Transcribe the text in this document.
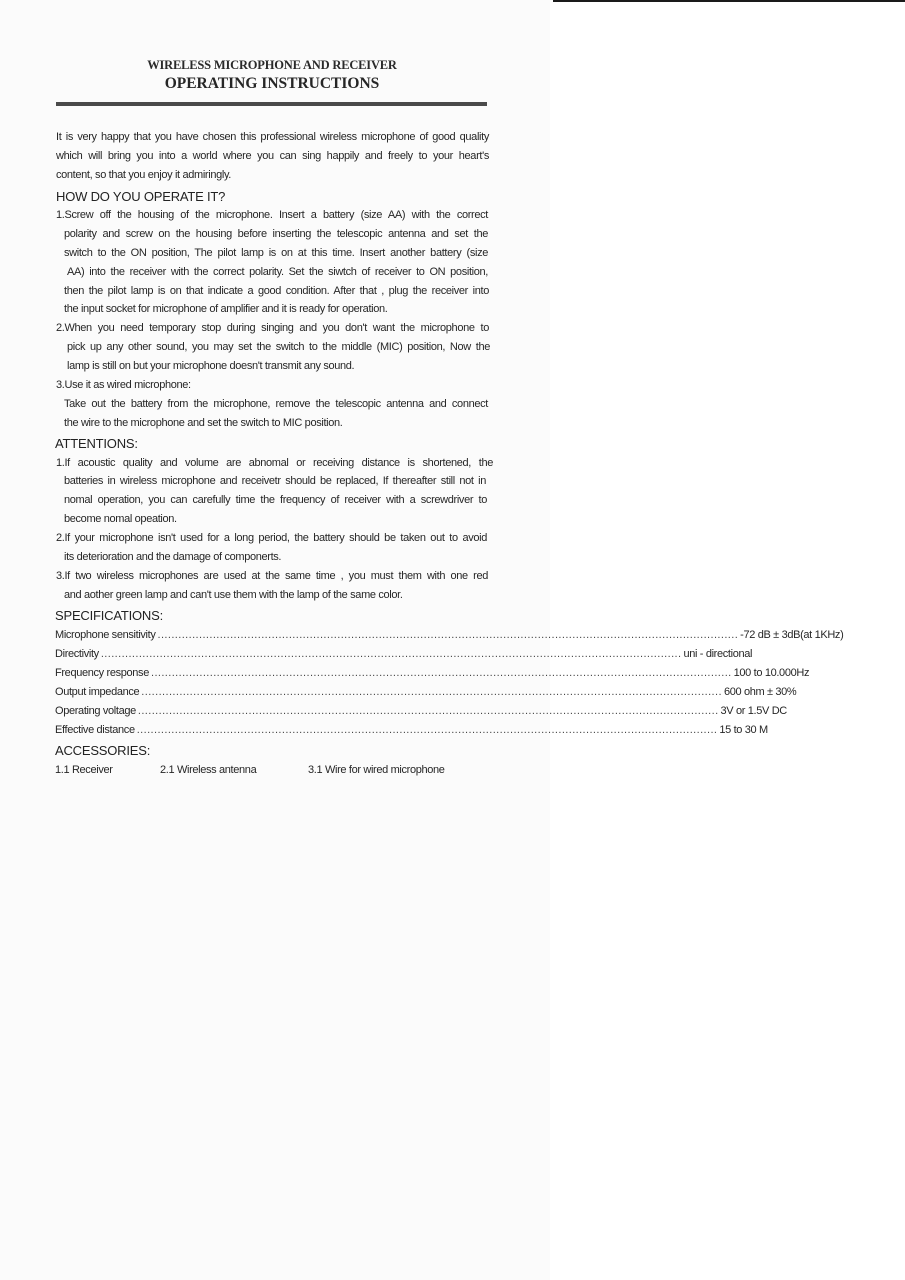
WIRELESS MICROPHONE AND RECEIVER
OPERATING INSTRUCTIONS
It is very happy that you have chosen this professional wireless microphone of good quality
which will bring you into a world where you can sing happily and freely to your heart's
content, so that you enjoy it admiringly.
HOW DO YOU OPERATE IT?
1.Screw off the housing of the microphone. Insert a battery (size AA) with the correct
polarity and screw on the housing before inserting the telescopic antenna and set the
switch to the ON position, The pilot lamp is on at this time. Insert another battery (size
AA) into the receiver with the correct polarity. Set the siwtch of receiver to ON position,
then the pilot lamp is on that indicate a good condition. After that , plug the receiver into
the input socket for microphone of amplifier and it is ready for operation.
2.When you need temporary stop during singing and you don't want the microphone to
pick up any other sound, you may set the switch to the middle (MIC) position, Now the
lamp is still on but your microphone doesn't transmit any sound.
3.Use it as wired microphone:
Take out the battery from the microphone, remove the telescopic antenna and connect
the wire to the microphone and set the switch to MIC position.
ATTENTIONS:
1.If acoustic quality and volume are abnomal or receiving distance is shortened, the
batteries in wireless microphone and receivetr should be replaced, If thereafter still not in
nomal operation, you can carefully time the frequency of receiver with a screwdriver to
become nomal opeation.
2.If your microphone isn't used for a long period, the battery should be taken out to avoid
its deterioration and the damage of componerts.
3.If two wireless microphones are used at the same time , you must them with one red
and aother green lamp and can't use them with the lamp of the same color.
SPECIFICATIONS:
Microphone sensitivity ........................................................................................................................................................................ -72 dB ± 3dB(at 1KHz)
Directivity ........................................................................................................................................................................ uni - directional
Frequency response ........................................................................................................................................................................ 100 to 10.000Hz
Output impedance ........................................................................................................................................................................ 600 ohm ± 30%
Operating voltage ........................................................................................................................................................................ 3V or 1.5V DC
Effective distance ........................................................................................................................................................................ 15 to 30 M
ACCESSORIES:
1.1 Receiver	2.1 Wireless antenna	3.1 Wire for wired microphone
